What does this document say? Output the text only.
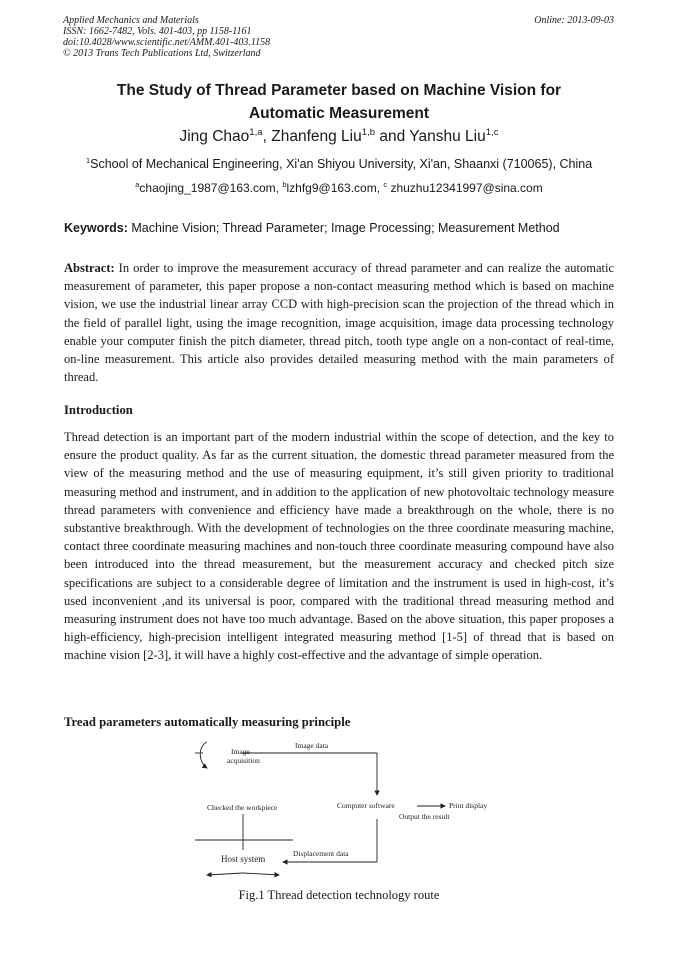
Applied Mechanics and Materials
ISSN: 1662-7482, Vols. 401-403, pp 1158-1161
doi:10.4028/www.scientific.net/AMM.401-403.1158
© 2013 Trans Tech Publications Ltd, Switzerland
Online: 2013-09-03
The Study of Thread Parameter based on Machine Vision for
Automatic Measurement
Jing Chao$^{1,a}$, Zhanfeng Liu$^{1,b}$ and Yanshu Liu$^{1,c}$
$^1$School of Mechanical Engineering, Xi'an Shiyou University, Xi'an, Shaanxi (710065), China
$^a$chaojing_1987@163.com, $^b$lzhfg9@163.com, $^c$ zhuzhu12341997@sina.com
Keywords: Machine Vision; Thread Parameter; Image Processing; Measurement Method
Abstract: In order to improve the measurement accuracy of thread parameter and can realize the automatic measurement of parameter, this paper propose a non-contact measuring method which is based on machine vision, we use the industrial linear array CCD with high-precision scan the projection of the thread which in the field of parallel light, using the image recognition, image acquisition, image data processing technology enable your computer finish the pitch diameter, thread pitch, tooth type angle on a non-contact of real-time, on-line measurement. This article also provides detailed measuring method with the main parameters of thread.
Introduction
Thread detection is an important part of the modern industrial within the scope of detection, and the key to ensure the product quality. As far as the current situation, the domestic thread parameter measured from the view of the measuring method and the use of measuring equipment, it’s still given priority to traditional measuring method and instrument, and in addition to the application of new photovoltaic technology measure thread parameters with convenience and efficiency have made a breakthrough on the whole, there is no substantive breakthrough. With the development of technologies on the three coordinate measuring machine, contact three coordinate measuring machines and non-touch three coordinate measuring compound have also been introduced into the thread measurement, but the measurement accuracy and checked pitch size specifications are subject to a considerable degree of limitation and the instrument is used in high-cost, it’s used inconvenient ,and its universal is poor, compared with the traditional thread measuring method and measuring instrument does not have too much advantage. Based on the above situation, this paper proposes a high-efficiency, high-precision intelligent integrated measuring method [1-5] of thread that is based on machine vision [2-3], it will have a highly cost-effective and the advantage of simple operation.
Tread parameters automatically measuring principle
Image
acquisition
Image data
Checked the workpiece	Computer software	Print display
Output the result
Displacement data
Host system
Fig.1 Thread detection technology route
